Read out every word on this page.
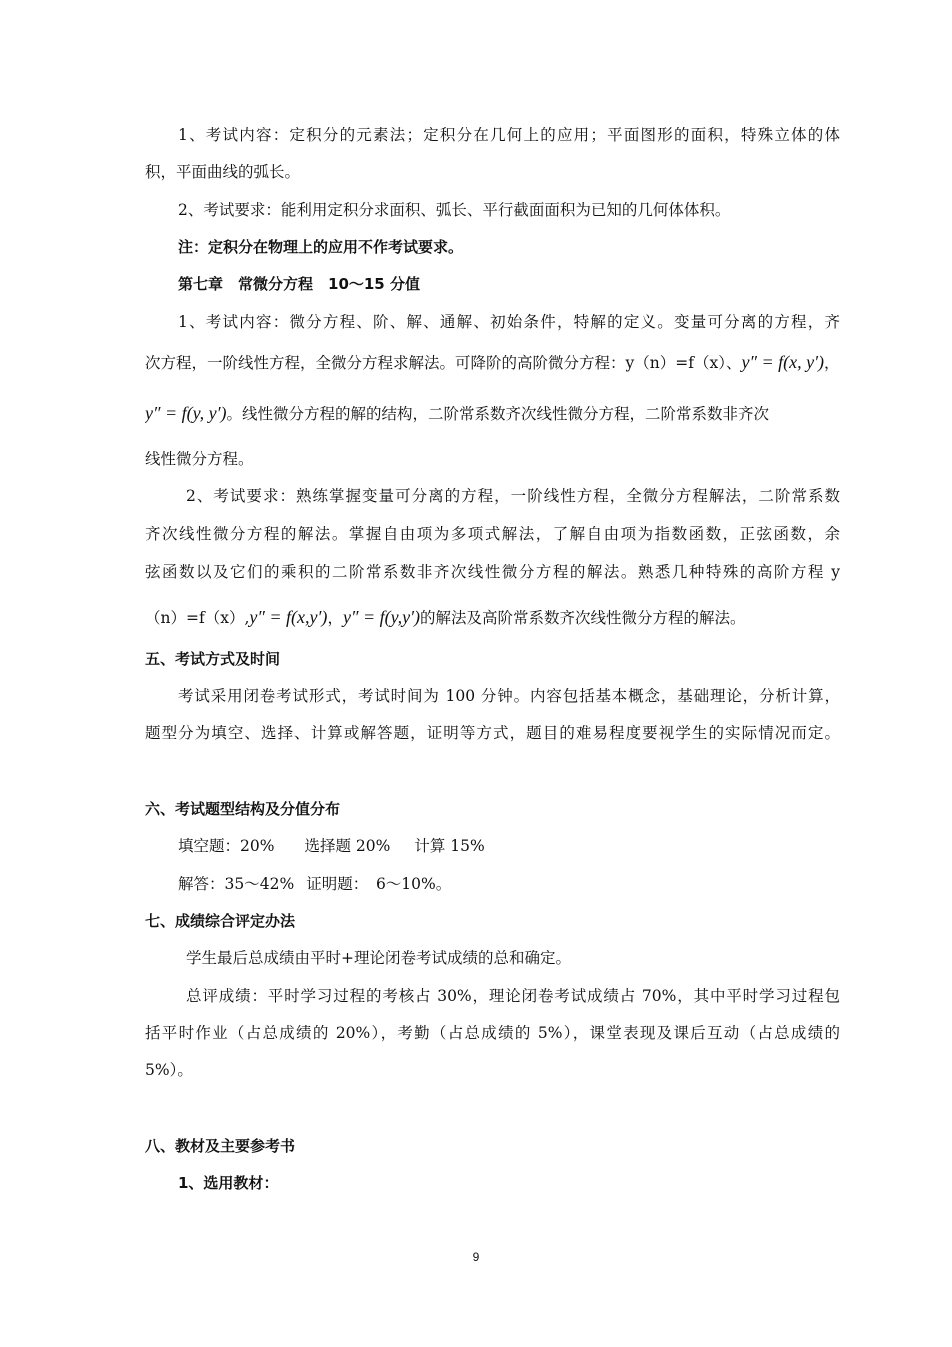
1、考试内容：定积分的元素法；定积分在几何上的应用；平面图形的面积，特殊立体的体
积，平面曲线的弧长。
2、考试要求：能利用定积分求面积、弧长、平行截面面积为已知的几何体体积。
注：定积分在物理上的应用不作考试要求。
第七章　常微分方程　10～15 分值
1、考试内容：微分方程、阶、解、通解、初始条件，特解的定义。变量可分离的方程，齐
次方程，一阶线性方程，全微分方程求解法。可降阶的高阶微分方程：y（n）=f（x）、y″ = f(x, y′)，
y″ = f(y, y′)。线性微分方程的解的结构，二阶常系数齐次线性微分方程，二阶常系数非齐次
线性微分方程。
2、考试要求：熟练掌握变量可分离的方程，一阶线性方程，全微分方程解法，二阶常系数
齐次线性微分方程的解法。掌握自由项为多项式解法，了解自由项为指数函数，正弦函数，余
弦函数以及它们的乘积的二阶常系数非齐次线性微分方程的解法。熟悉几种特殊的高阶方程 y
（n）=f（x）,y″ = f(x,y′)，y″ = f(y,y′)的解法及高阶常系数齐次线性微分方程的解法。
五、考试方式及时间
考试采用闭卷考试形式，考试时间为 100 分钟。内容包括基本概念，基础理论，分析计算，
题型分为填空、选择、计算或解答题，证明等方式，题目的难易程度要视学生的实际情况而定。
六、考试题型结构及分值分布
填空题：20% 选择题 20% 计算 15%
解答：35～42% 证明题：　6～10%。
七、成绩综合评定办法
学生最后总成绩由平时+理论闭卷考试成绩的总和确定。
总评成绩：平时学习过程的考核占 30%，理论闭卷考试成绩占 70%，其中平时学习过程包
括平时作业（占总成绩的 20%），考勤（占总成绩的 5%），课堂表现及课后互动（占总成绩的
5%）。
八、教材及主要参考书
1、选用教材：
9
